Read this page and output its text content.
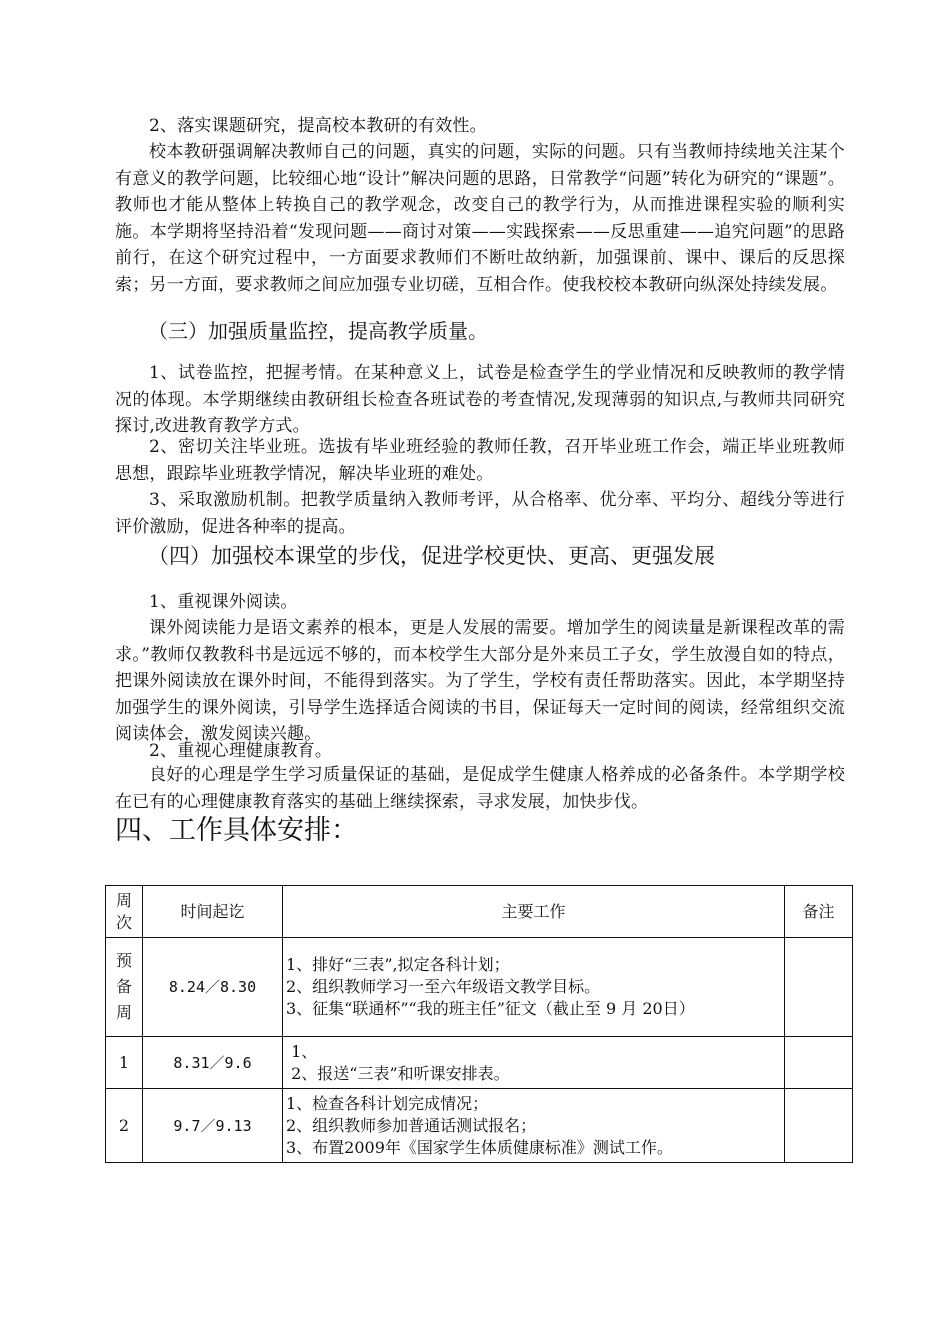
2、落实课题研究，提高校本教研的有效性。

校本教研强调解决教师自己的问题，真实的问题，实际的问题。只有当教师持续地关注某个有意义的教学问题，比较细心地“设计”解决问题的思路，日常教学“问题”转化为研究的“课题”。教师也才能从整体上转换自己的教学观念，改变自己的教学行为，从而推进课程实验的顺利实施。本学期将坚持沿着“发现问题——商讨对策——实践探索——反思重建——追究问题”的思路前行，在这个研究过程中，一方面要求教师们不断吐故纳新，加强课前、课中、课后的反思探索；另一方面，要求教师之间应加强专业切磋，互相合作。使我校校本教研向纵深处持续发展。

（三）加强质量监控，提高教学质量。

1、试卷监控，把握考情。在某种意义上，试卷是检查学生的学业情况和反映教师的教学情况的体现。本学期继续由教研组长检查各班试卷的考查情况,发现薄弱的知识点,与教师共同研究探讨,改进教育教学方式。

2、密切关注毕业班。选拔有毕业班经验的教师任教，召开毕业班工作会，端正毕业班教师思想，跟踪毕业班教学情况，解决毕业班的难处。

3、采取激励机制。把教学质量纳入教师考评，从合格率、优分率、平均分、超线分等进行评价激励，促进各种率的提高。

（四）加强校本课堂的步伐，促进学校更快、更高、更强发展

1、重视课外阅读。

课外阅读能力是语文素养的根本，更是人发展的需要。增加学生的阅读量是新课程改革的需求。”教师仅教教科书是远远不够的，而本校学生大部分是外来员工子女，学生放漫自如的特点，把课外阅读放在课外时间，不能得到落实。为了学生，学校有责任帮助落实。因此，本学期坚持加强学生的课外阅读，引导学生选择适合阅读的书目，保证每天一定时间的阅读，经常组织交流阅读体会，激发阅读兴趣。

2、重视心理健康教育。

良好的心理是学生学习质量保证的基础，是促成学生健康人格养成的必备条件。本学期学校在已有的心理健康教育落实的基础上继续探索，寻求发展，加快步伐。

四、工作具体安排：

周次	时间起讫	主要工作	备注
预备周	8.24／8.30	1、排好“三表”,拟定各科计划；
2、组织教师学习一至六年级语文教学目标。
3、征集“联通杯”“我的班主任”征文（截止至 9 月 20日）	

1	8.31／9.6	1、
2、报送“三表”和听课安排表。	

2	9.7／9.13	1、检查各科计划完成情况；
2、组织教师参加普通话测试报名；
3、布置2009年《国家学生体质健康标准》测试工作。	
